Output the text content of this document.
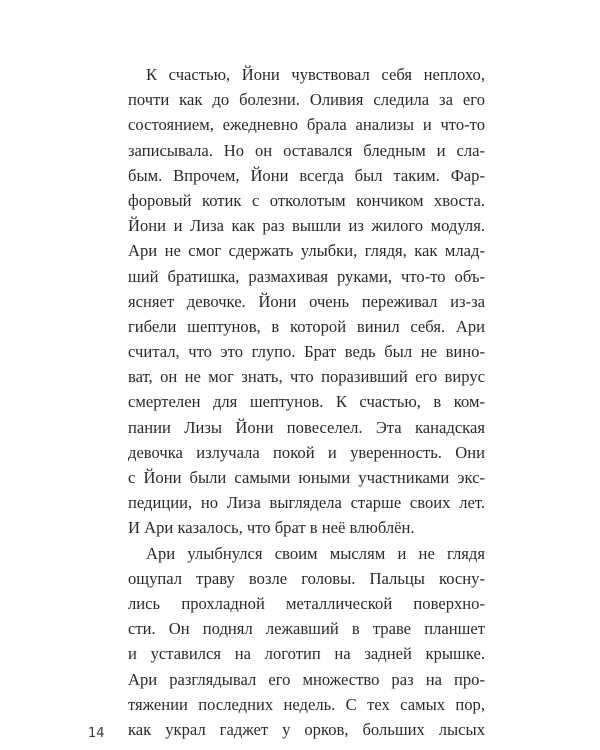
К счастью, Йони чувствовал себя неплохо,
почти как до болезни. Оливия следила за его
состоянием, ежедневно брала анализы и что-то
записывала. Но он оставался бледным и сла-
бым. Впрочем, Йони всегда был таким. Фар-
форовый котик с отколотым кончиком хвоста.
Йони и Лиза как раз вышли из жилого модуля.
Ари не смог сдержать улыбки, глядя, как млад-
ший братишка, размахивая руками, что-то объ-
ясняет девочке. Йони очень переживал из-за
гибели шептунов, в которой винил себя. Ари
считал, что это глупо. Брат ведь был не вино-
ват, он не мог знать, что поразивший его вирус
смертелен для шептунов. К счастью, в ком-
пании Лизы Йони повеселел. Эта канадская
девочка излучала покой и уверенность. Они
с Йони были самыми юными участниками экс-
педиции, но Лиза выглядела старше своих лет.
И Ари казалось, что брат в неё влюблён.
Ари улыбнулся своим мыслям и не глядя
ощупал траву возле головы. Пальцы косну-
лись прохладной металлической поверхно-
сти. Он поднял лежавший в траве планшет
и уставился на логотип на задней крышке.
Ари разглядывал его множество раз на про-
тяжении последних недель. С тех самых пор,
как украл гаджет у орков, больших лысых
14
